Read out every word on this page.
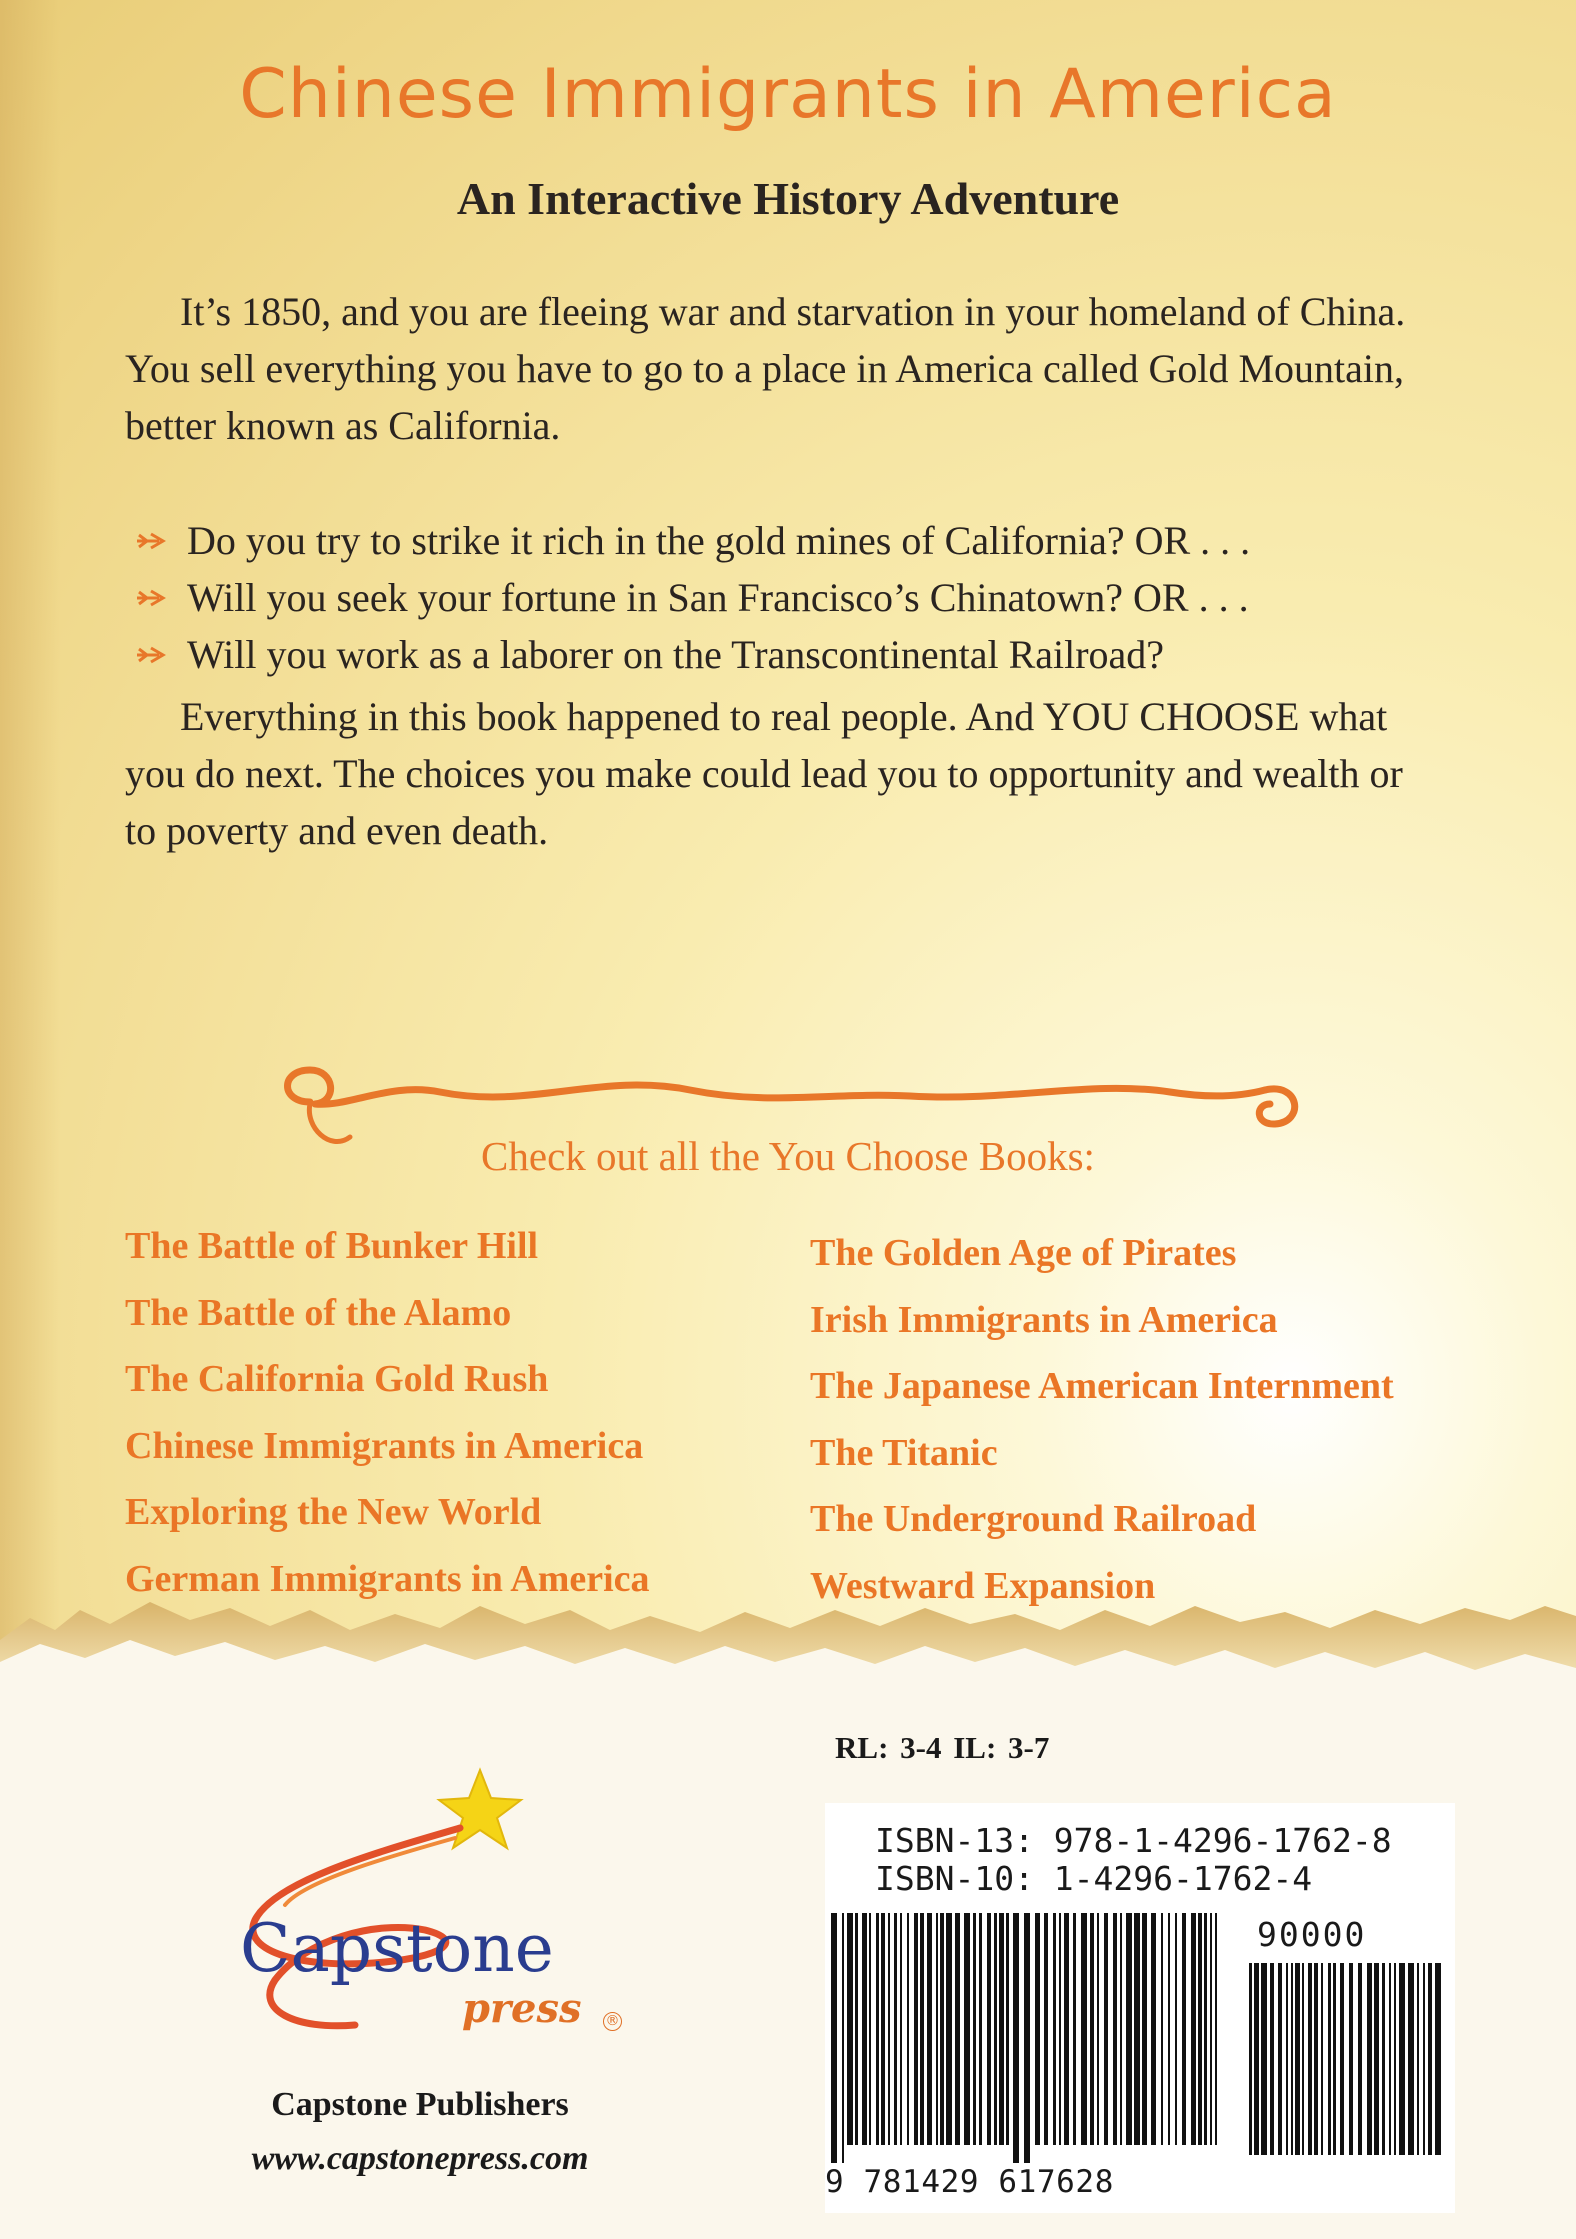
Chinese Immigrants in America
An Interactive History Adventure

It’s 1850, and you are fleeing war and starvation in your homeland of China. You sell everything you have to go to a place in America called Gold Mountain, better known as California.

Do you try to strike it rich in the gold mines of California? OR . . .
Will you seek your fortune in San Francisco’s Chinatown? OR . . .
Will you work as a laborer on the Transcontinental Railroad?

Everything in this book happened to real people. And YOU CHOOSE what you do next. The choices you make could lead you to opportunity and wealth or to poverty and even death.

Check out all the You Choose Books:

The Battle of Bunker Hill
The Battle of the Alamo
The California Gold Rush
Chinese Immigrants in America
Exploring the New World
German Immigrants in America
The Golden Age of Pirates
Irish Immigrants in America
The Japanese American Internment
The Titanic
The Underground Railroad
Westward Expansion

RL: 3-4 IL: 3-7

ISBN-13: 978-1-4296-1762-8

ISBN-10: 1-4296-1762-4

90000

9 781429 617628

Capstone

press ®

Capstone Publishers

www.capstonepress.com
